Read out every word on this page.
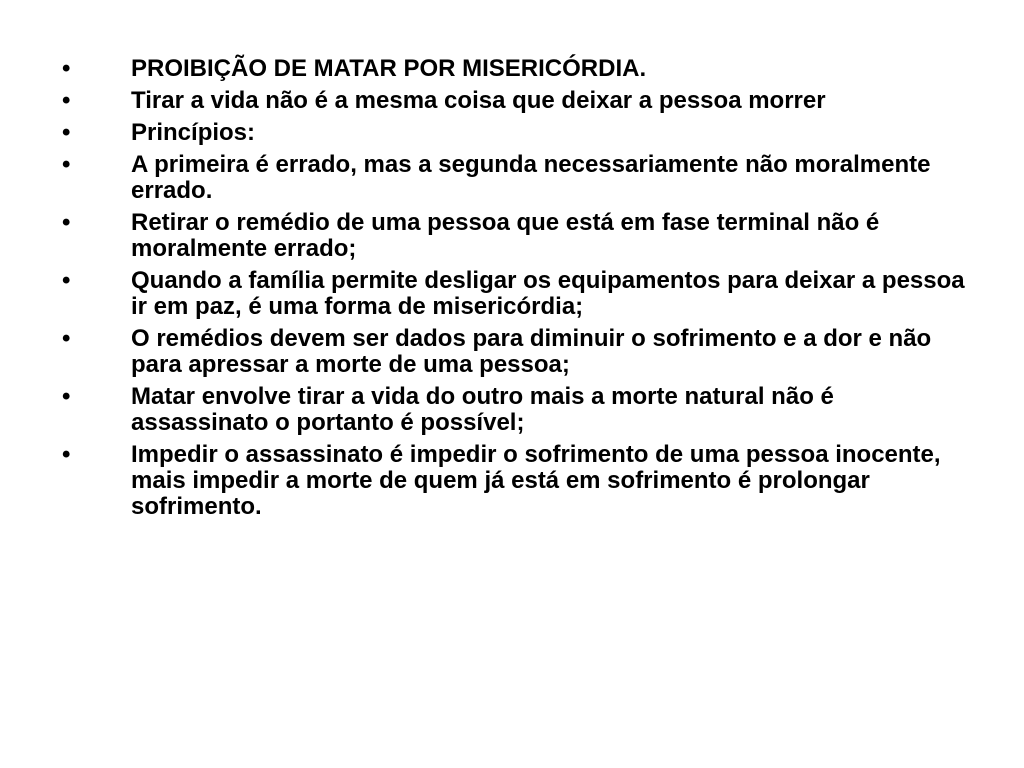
•	PROIBIÇÃO DE MATAR POR MISERICÓRDIA.
•	Tirar a vida não é a mesma coisa que deixar a pessoa morrer
•	Princípios:
•	A primeira é errado, mas a segunda necessariamente não moralmente errado.
•	Retirar o remédio de uma pessoa que está em fase terminal não é moralmente errado;
•	Quando a família permite desligar os equipamentos para deixar a pessoa ir em paz, é uma forma de misericórdia;
•	O remédios devem ser dados para diminuir o sofrimento e a dor e não para apressar a morte de uma pessoa;
•	Matar envolve tirar a vida do outro mais a morte natural não é assassinato o portanto é possível;
•	Impedir o assassinato é impedir o sofrimento de uma pessoa inocente, mais impedir a morte de quem já está em sofrimento é prolongar sofrimento.
